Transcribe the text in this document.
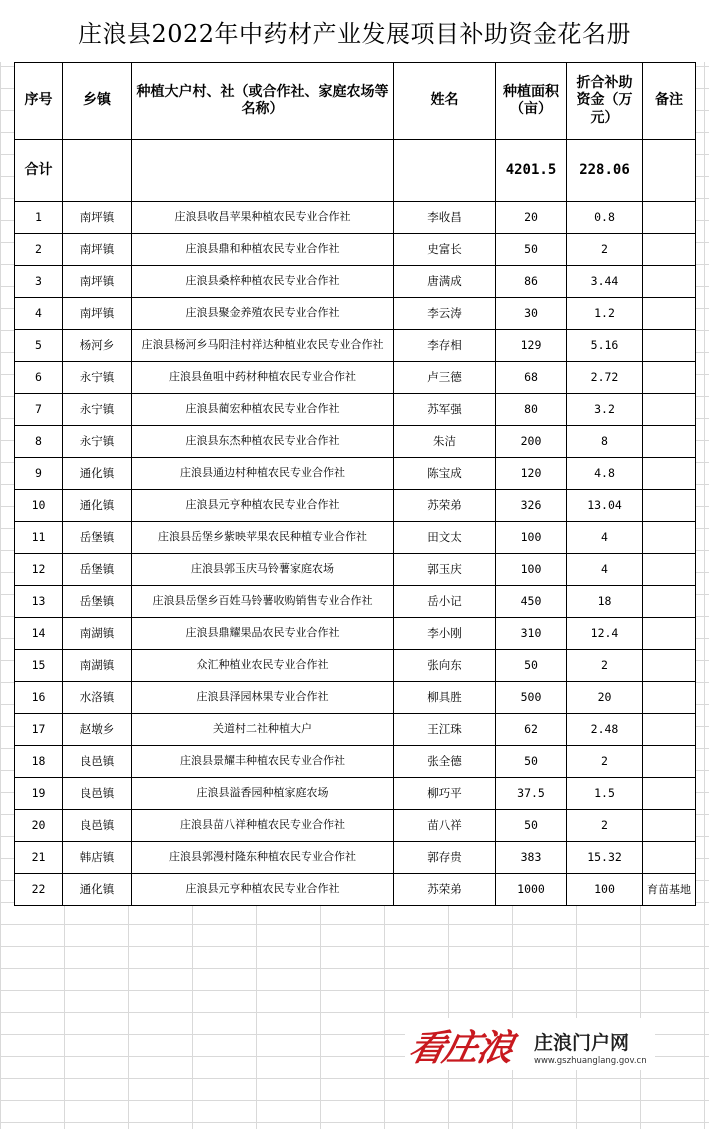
庄浪县2022年中药材产业发展项目补助资金花名册
序号	乡镇	种植大户村、社（或合作社、家庭农场等名称）	姓名	种植面积（亩）	折合补助资金（万元）	备注
合计				4201.5	228.06	
1	南坪镇	庄浪县收昌苹果种植农民专业合作社	李收昌	20	0.8	
2	南坪镇	庄浪县鼎和种植农民专业合作社	史富长	50	2	
3	南坪镇	庄浪县桑梓种植农民专业合作社	唐满成	86	3.44	
4	南坪镇	庄浪县聚金养殖农民专业合作社	李云涛	30	1.2	
5	杨河乡	庄浪县杨河乡马阳洼村祥达种植业农民专业合作社	李存相	129	5.16	
6	永宁镇	庄浪县鱼咀中药材种植农民专业合作社	卢三德	68	2.72	
7	永宁镇	庄浪县蔺宏种植农民专业合作社	苏军强	80	3.2	
8	永宁镇	庄浪县东杰种植农民专业合作社	朱洁	200	8	
9	通化镇	庄浪县通边村种植农民专业合作社	陈宝成	120	4.8	
10	通化镇	庄浪县元亨种植农民专业合作社	苏荣弟	326	13.04	
11	岳堡镇	庄浪县岳堡乡紫映苹果农民种植专业合作社	田文太	100	4	
12	岳堡镇	庄浪县郭玉庆马铃薯家庭农场	郭玉庆	100	4	
13	岳堡镇	庄浪县岳堡乡百姓马铃薯收购销售专业合作社	岳小记	450	18	
14	南湖镇	庄浪县鼎耀果品农民专业合作社	李小刚	310	12.4	
15	南湖镇	众汇种植业农民专业合作社	张向东	50	2	
16	水洛镇	庄浪县泽园林果专业合作社	柳具胜	500	20	
17	赵墩乡	关道村二社种植大户	王江珠	62	2.48	
18	良邑镇	庄浪县景耀丰种植农民专业合作社	张全德	50	2	
19	良邑镇	庄浪县溢香园种植家庭农场	柳巧平	37.5	1.5	
20	良邑镇	庄浪县苗八祥种植农民专业合作社	苗八祥	50	2	
21	韩店镇	庄浪县郭漫村隆东种植农民专业合作社	郭存贵	383	15.32	
22	通化镇	庄浪县元亨种植农民专业合作社	苏荣弟	1000	100	育苗基地
看庄浪 庄浪门户网
www.gszhuanglang.gov.cn
